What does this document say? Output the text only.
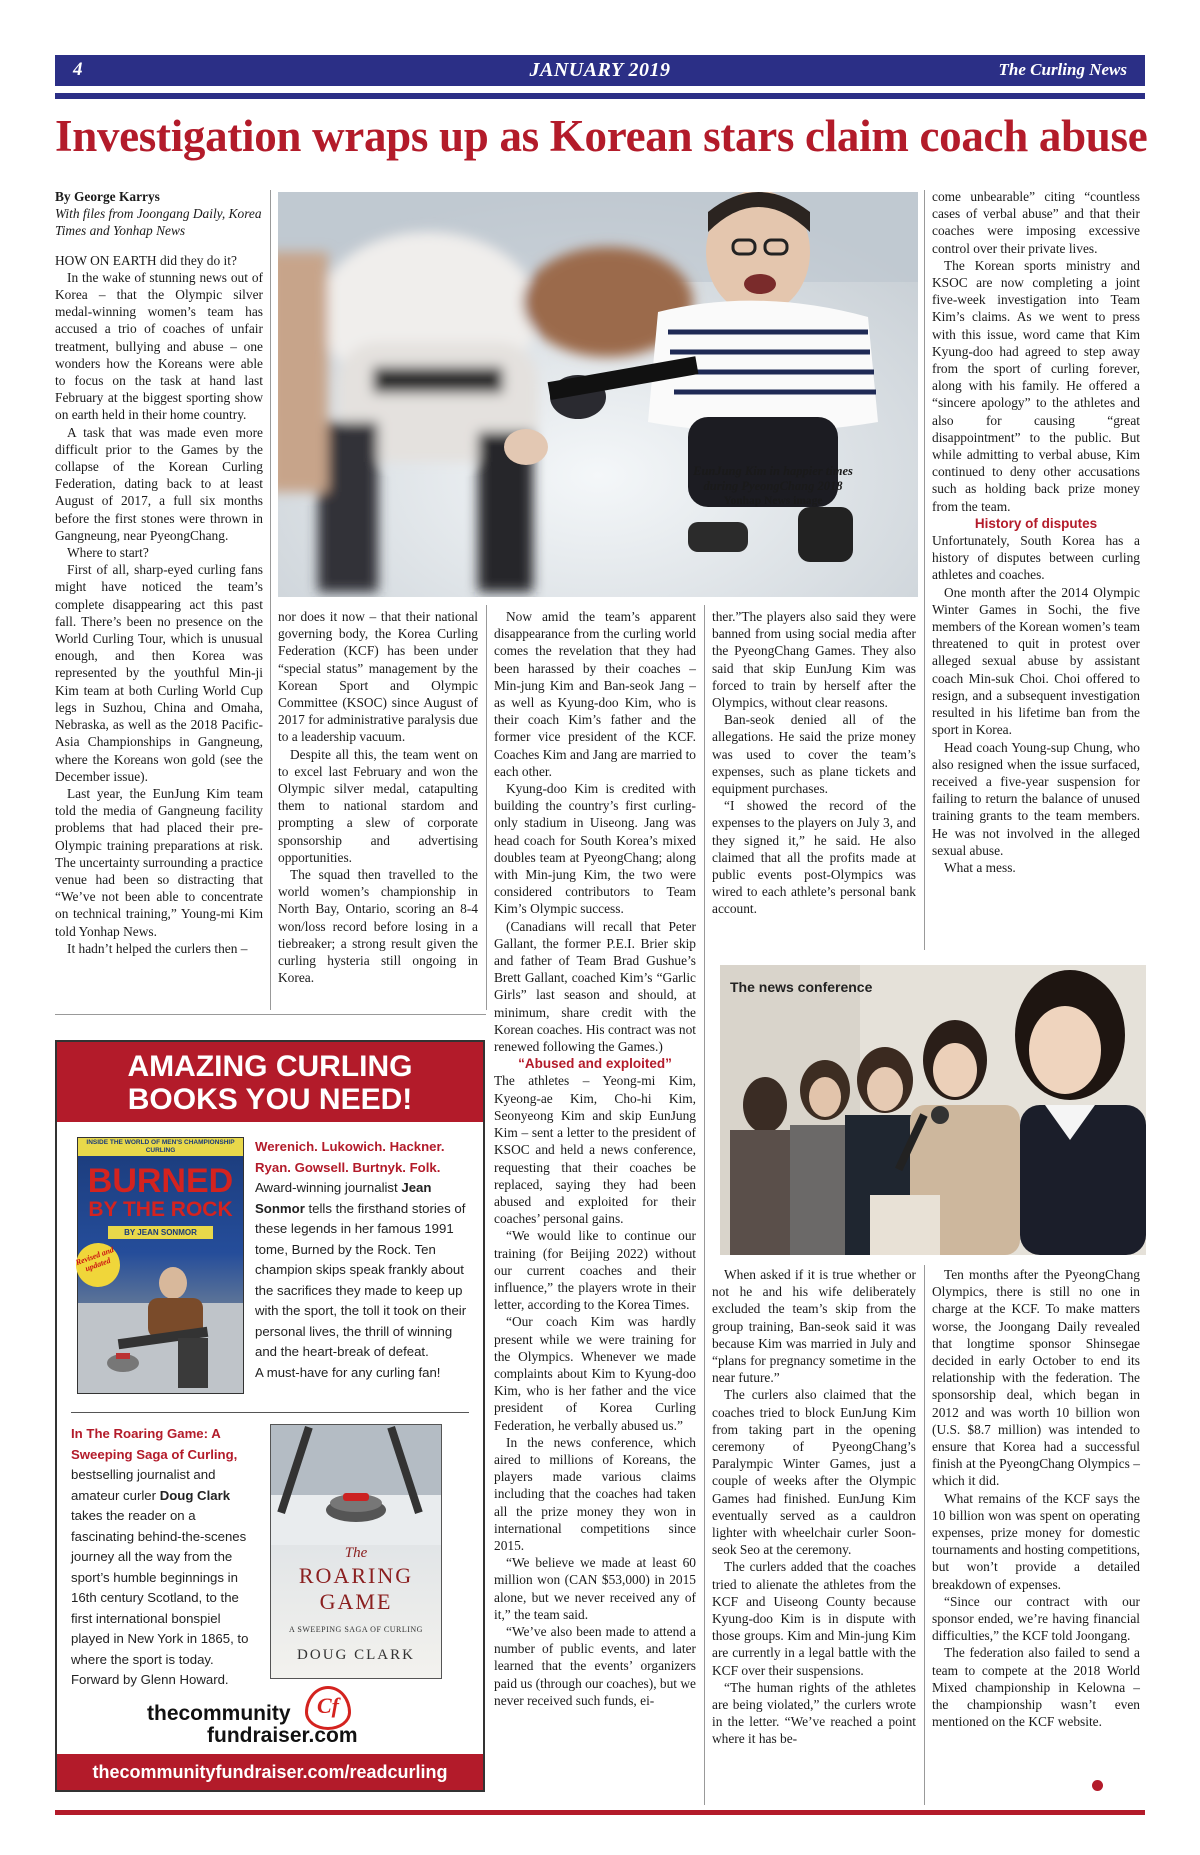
4	JANUARY 2019	The Curling News
Investigation wraps up as Korean stars claim coach abuse

By George Karrys

With files from Joongang Daily, Korea Times and Yonhap News

HOW ON EARTH did they do it?

In the wake of stunning news out of Korea – that the Olympic silver medal-winning women’s team has accused a trio of coaches of unfair treatment, bullying and abuse – one wonders how the Koreans were able to focus on the task at hand last February at the biggest sporting show on earth held in their home country.

A task that was made even more difficult prior to the Games by the collapse of the Korean Curling Federation, dating back to at least August of 2017, a full six months before the first stones were thrown in Gangneung, near PyeongChang.

Where to start?

First of all, sharp-eyed curling fans might have noticed the team’s complete disappearing act this past fall. There’s been no presence on the World Curling Tour, which is unusual enough, and then Korea was represented by the youthful Min-ji Kim team at both Curling World Cup legs in Suzhou, China and Omaha, Nebraska, as well as the 2018 Pacific-Asia Championships in Gangneung, where the Koreans won gold (see the December issue).

Last year, the EunJung Kim team told the media of Gangneung facility problems that had placed their pre-Olympic training preparations at risk. The uncertainty surrounding a practice venue had been so distracting that “We’ve not been able to concentrate on technical training,” Young-mi Kim told Yonhap News.

It hadn’t helped the curlers then –

EunJung Kim in happier times
during PyeongChang 2018
Yonhap News image

nor does it now – that their national governing body, the Korea Curling Federation (KCF) has been under “special status” management by the Korean Sport and Olympic Committee (KSOC) since August of 2017 for administrative paralysis due to a leadership vacuum.

Despite all this, the team went on to excel last February and won the Olympic silver medal, catapulting them to national stardom and prompting a slew of corporate sponsorship and advertising opportunities.

The squad then travelled to the world women’s championship in North Bay, Ontario, scoring an 8-4 won/loss record before losing in a tiebreaker; a strong result given the curling hysteria still ongoing in Korea.

Now amid the team’s apparent disappearance from the curling world comes the revelation that they had been harassed by their coaches – Min-jung Kim and Ban-seok Jang – as well as Kyung-doo Kim, who is their coach Kim’s father and the former vice president of the KCF. Coaches Kim and Jang are married to each other.

Kyung-doo Kim is credited with building the country’s first curling-only stadium in Uiseong. Jang was head coach for South Korea’s mixed doubles team at PyeongChang; along with Min-jung Kim, the two were considered contributors to Team Kim’s Olympic success.

(Canadians will recall that Peter Gallant, the former P.E.I. Brier skip and father of Team Brad Gushue’s Brett Gallant, coached Kim’s “Garlic Girls” last season and should, at minimum, share credit with the Korean coaches. His contract was not renewed following the Games.)

“Abused and exploited”

The athletes – Yeong-mi Kim, Kyeong-ae Kim, Cho-hi Kim, Seonyeong Kim and skip EunJung Kim – sent a letter to the president of KSOC and held a news conference, requesting that their coaches be replaced, saying they had been abused and exploited for their coaches’ personal gains.

“We would like to continue our training (for Beijing 2022) without our current coaches and their influence,” the players wrote in their letter, according to the Korea Times.

“Our coach Kim was hardly present while we were training for the Olympics. Whenever we made complaints about Kim to Kyung-doo Kim, who is her father and the vice president of Korea Curling Federation, he verbally abused us.”

In the news conference, which aired to millions of Koreans, the players made various claims including that the coaches had taken all the prize money they won in international competitions since 2015.

“We believe we made at least 60 million won (CAN $53,000) in 2015 alone, but we never received any of it,” the team said.

“We’ve also been made to attend a number of public events, and later learned that the events’ organizers paid us (through our coaches), but we never received such funds, ei-

ther.”The players also said they were banned from using social media after the PyeongChang Games. They also said that skip EunJung Kim was forced to train by herself after the Olympics, without clear reasons.

Ban-seok denied all of the allegations. He said the prize money was used to cover the team’s expenses, such as plane tickets and equipment purchases.

“I showed the record of the expenses to the players on July 3, and they signed it,” he said. He also claimed that all the profits made at public events post-Olympics was wired to each athlete’s personal bank account.

come unbearable” citing “countless cases of verbal abuse” and that their coaches were imposing excessive control over their private lives.

The Korean sports ministry and KSOC are now completing a joint five-week investigation into Team Kim’s claims. As we went to press with this issue, word came that Kim Kyung-doo had agreed to step away from the sport of curling forever, along with his family. He offered a “sincere apology” to the athletes and also for causing “great disappointment” to the public. But while admitting to verbal abuse, Kim continued to deny other accusations such as holding back prize money from the team.

History of disputes

Unfortunately, South Korea has a history of disputes between curling athletes and coaches.

One month after the 2014 Olympic Winter Games in Sochi, the five members of the Korean women’s team threatened to quit in protest over alleged sexual abuse by assistant coach Min-suk Choi. Choi offered to resign, and a subsequent investigation resulted in his lifetime ban from the sport in Korea.

Head coach Young-sup Chung, who also resigned when the issue surfaced, received a five-year suspension for failing to return the balance of unused training grants to the team members. He was not involved in the alleged sexual abuse.

What a mess.

The news conference

When asked if it is true whether or not he and his wife deliberately excluded the team’s skip from the group training, Ban-seok said it was because Kim was married in July and “plans for pregnancy sometime in the near future.”

The curlers also claimed that the coaches tried to block EunJung Kim from taking part in the opening ceremony of PyeongChang’s Paralympic Winter Games, just a couple of weeks after the Olympic Games had finished. EunJung Kim eventually served as a cauldron lighter with wheelchair curler Soon-seok Seo at the ceremony.

The curlers added that the coaches tried to alienate the athletes from the KCF and Uiseong County because Kyung-doo Kim is in dispute with those groups. Kim and Min-jung Kim are currently in a legal battle with the KCF over their suspensions.

“The human rights of the athletes are being violated,” the curlers wrote in the letter. “We’ve reached a point where it has be-

Ten months after the PyeongChang Olympics, there is still no one in charge at the KCF. To make matters worse, the Joongang Daily revealed that longtime sponsor Shinsegae decided in early October to end its relationship with the federation. The sponsorship deal, which began in 2012 and was worth 10 billion won (U.S. $8.7 million) was intended to ensure that Korea had a successful finish at the PyeongChang Olympics – which it did.

What remains of the KCF says the 10 billion won was spent on operating expenses, prize money for domestic tournaments and hosting competitions, but won’t provide a detailed breakdown of expenses.

“Since our contract with our sponsor ended, we’re having financial difficulties,” the KCF told Joongang.

The federation also failed to send a team to compete at the 2018 World Mixed championship in Kelowna – the championship wasn’t even mentioned on the KCF website.

AMAZING CURLING
BOOKS YOU NEED!
INSIDE THE WORLD OF MEN'S CHAMPIONSHIP CURLING
BURNED
BY THE ROCK
BY JEAN SONMOR
Revised and updated
Werenich. Lukowich. Hackner. Ryan. Gowsell. Burtnyk. Folk.
Award-winning journalist Jean Sonmor tells the firsthand stories of these legends in her famous 1991 tome, Burned by the Rock. Ten champion skips speak frankly about the sacrifices they made to keep up with the sport, the toll it took on their personal lives, the thrill of winning and the heart-break of defeat.
A must-have for any curling fan!
In The Roaring Game: A Sweeping Saga of Curling,
bestselling journalist and amateur curler Doug Clark takes the reader on a fascinating behind-the-scenes journey all the way from the sport’s humble beginnings in 16th century Scotland, to the first international bonspiel played in New York in 1865, to where the sport is today. Forward by Glenn Howard.
The
ROARING
GAME
A SWEEPING SAGA OF CURLING
DOUG CLARK
thecommunity
fundraiser.com
Cf
thecommunityfundraiser.com/readcurling
